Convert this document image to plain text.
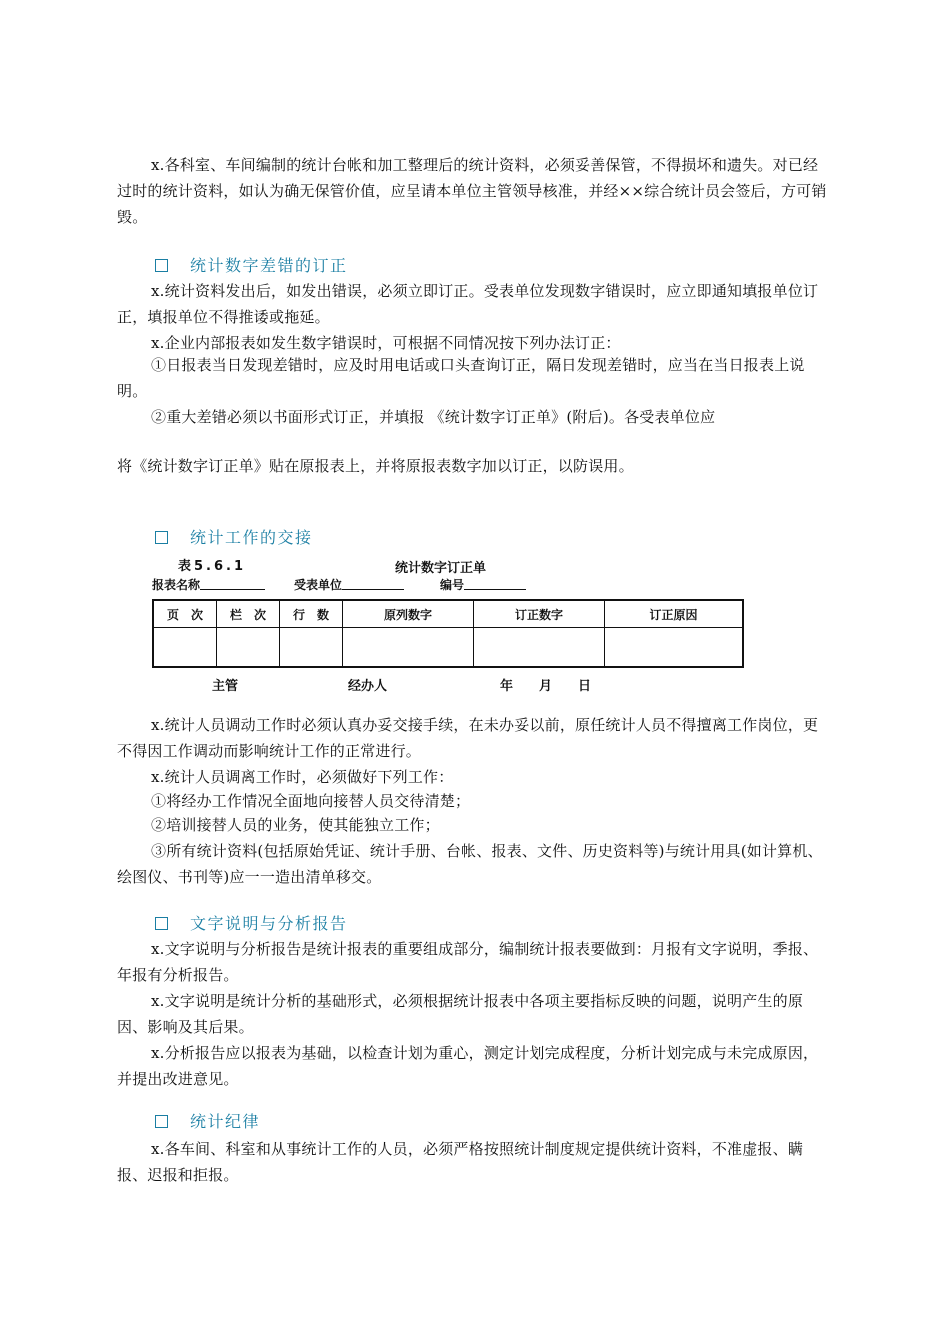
x.各科室、车间编制的统计台帐和加工整理后的统计资料，必须妥善保管，不得损坏和遗失。对已经过时的统计资料，如认为确无保管价值，应呈请本单位主管领导核准，并经××综合统计员会签后，方可销毁。

统计数字差错的订正

x.统计资料发出后，如发出错误，必须立即订正。受表单位发现数字错误时，应立即通知填报单位订正，填报单位不得推诿或拖延。

x.企业内部报表如发生数字错误时，可根据不同情况按下列办法订正：

①日报表当日发现差错时，应及时用电话或口头查询订正，隔日发现差错时，应当在当日报表上说明。

②重大差错必须以书面形式订正，并填报 《统计数字订正单》(附后)。各受表单位应

将《统计数字订正单》贴在原报表上，并将原报表数字加以订正，以防误用。

统计工作的交接
表5.6.1	统计数字订正单
报表名称	受表单位	编号
页　次	栏　次	行　数	原列数字	订正数字	订正原因

主管	经办人	年　　月　　日

x.统计人员调动工作时必须认真办妥交接手续，在未办妥以前，原任统计人员不得擅离工作岗位，更不得因工作调动而影响统计工作的正常进行。

x.统计人员调离工作时，必须做好下列工作：

①将经办工作情况全面地向接替人员交待清楚；

②培训接替人员的业务，使其能独立工作；

③所有统计资料(包括原始凭证、统计手册、台帐、报表、文件、历史资料等)与统计用具(如计算机、绘图仪、书刊等)应一一造出清单移交。

文字说明与分析报告

x.文字说明与分析报告是统计报表的重要组成部分，编制统计报表要做到：月报有文字说明，季报、年报有分析报告。

x.文字说明是统计分析的基础形式，必须根据统计报表中各项主要指标反映的问题，说明产生的原因、影响及其后果。

x.分析报告应以报表为基础，以检查计划为重心，测定计划完成程度，分析计划完成与未完成原因，并提出改进意见。

统计纪律

x.各车间、科室和从事统计工作的人员，必须严格按照统计制度规定提供统计资料，不准虚报、瞒报、迟报和拒报。
